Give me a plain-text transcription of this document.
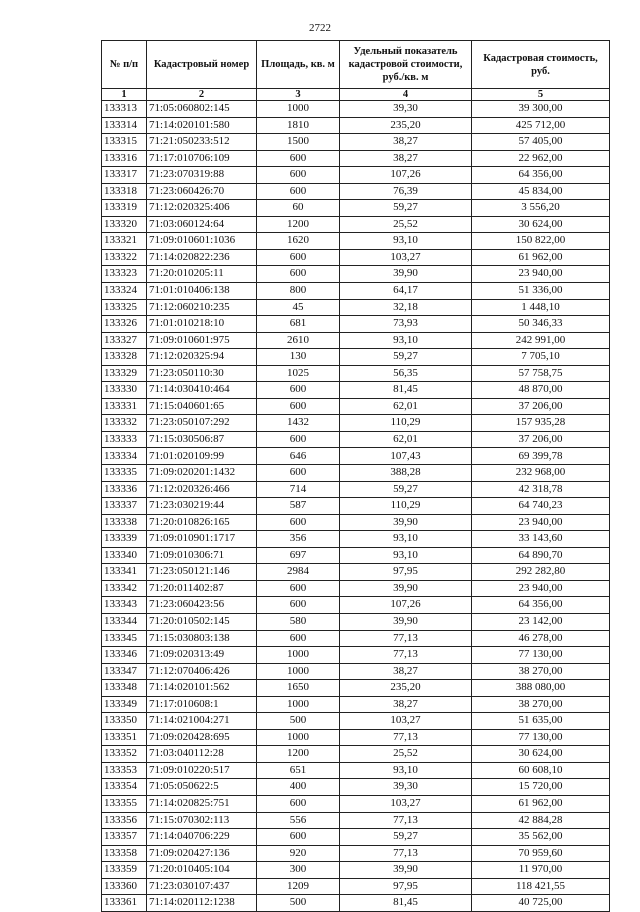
2722
№ п/п	Кадастровый номер	Площадь, кв. м	Удельный показатель кадастровой стоимости, руб./кв. м	Кадастровая стоимость, руб.
1	2	3	4	5
133313	71:05:060802:145	1000	39,30	39 300,00
133314	71:14:020101:580	1810	235,20	425 712,00
133315	71:21:050233:512	1500	38,27	57 405,00
133316	71:17:010706:109	600	38,27	22 962,00
133317	71:23:070319:88	600	107,26	64 356,00
133318	71:23:060426:70	600	76,39	45 834,00
133319	71:12:020325:406	60	59,27	3 556,20
133320	71:03:060124:64	1200	25,52	30 624,00
133321	71:09:010601:1036	1620	93,10	150 822,00
133322	71:14:020822:236	600	103,27	61 962,00
133323	71:20:010205:11	600	39,90	23 940,00
133324	71:01:010406:138	800	64,17	51 336,00
133325	71:12:060210:235	45	32,18	1 448,10
133326	71:01:010218:10	681	73,93	50 346,33
133327	71:09:010601:975	2610	93,10	242 991,00
133328	71:12:020325:94	130	59,27	7 705,10
133329	71:23:050110:30	1025	56,35	57 758,75
133330	71:14:030410:464	600	81,45	48 870,00
133331	71:15:040601:65	600	62,01	37 206,00
133332	71:23:050107:292	1432	110,29	157 935,28
133333	71:15:030506:87	600	62,01	37 206,00
133334	71:01:020109:99	646	107,43	69 399,78
133335	71:09:020201:1432	600	388,28	232 968,00
133336	71:12:020326:466	714	59,27	42 318,78
133337	71:23:030219:44	587	110,29	64 740,23
133338	71:20:010826:165	600	39,90	23 940,00
133339	71:09:010901:1717	356	93,10	33 143,60
133340	71:09:010306:71	697	93,10	64 890,70
133341	71:23:050121:146	2984	97,95	292 282,80
133342	71:20:011402:87	600	39,90	23 940,00
133343	71:23:060423:56	600	107,26	64 356,00
133344	71:20:010502:145	580	39,90	23 142,00
133345	71:15:030803:138	600	77,13	46 278,00
133346	71:09:020313:49	1000	77,13	77 130,00
133347	71:12:070406:426	1000	38,27	38 270,00
133348	71:14:020101:562	1650	235,20	388 080,00
133349	71:17:010608:1	1000	38,27	38 270,00
133350	71:14:021004:271	500	103,27	51 635,00
133351	71:09:020428:695	1000	77,13	77 130,00
133352	71:03:040112:28	1200	25,52	30 624,00
133353	71:09:010220:517	651	93,10	60 608,10
133354	71:05:050622:5	400	39,30	15 720,00
133355	71:14:020825:751	600	103,27	61 962,00
133356	71:15:070302:113	556	77,13	42 884,28
133357	71:14:040706:229	600	59,27	35 562,00
133358	71:09:020427:136	920	77,13	70 959,60
133359	71:20:010405:104	300	39,90	11 970,00
133360	71:23:030107:437	1209	97,95	118 421,55
133361	71:14:020112:1238	500	81,45	40 725,00
